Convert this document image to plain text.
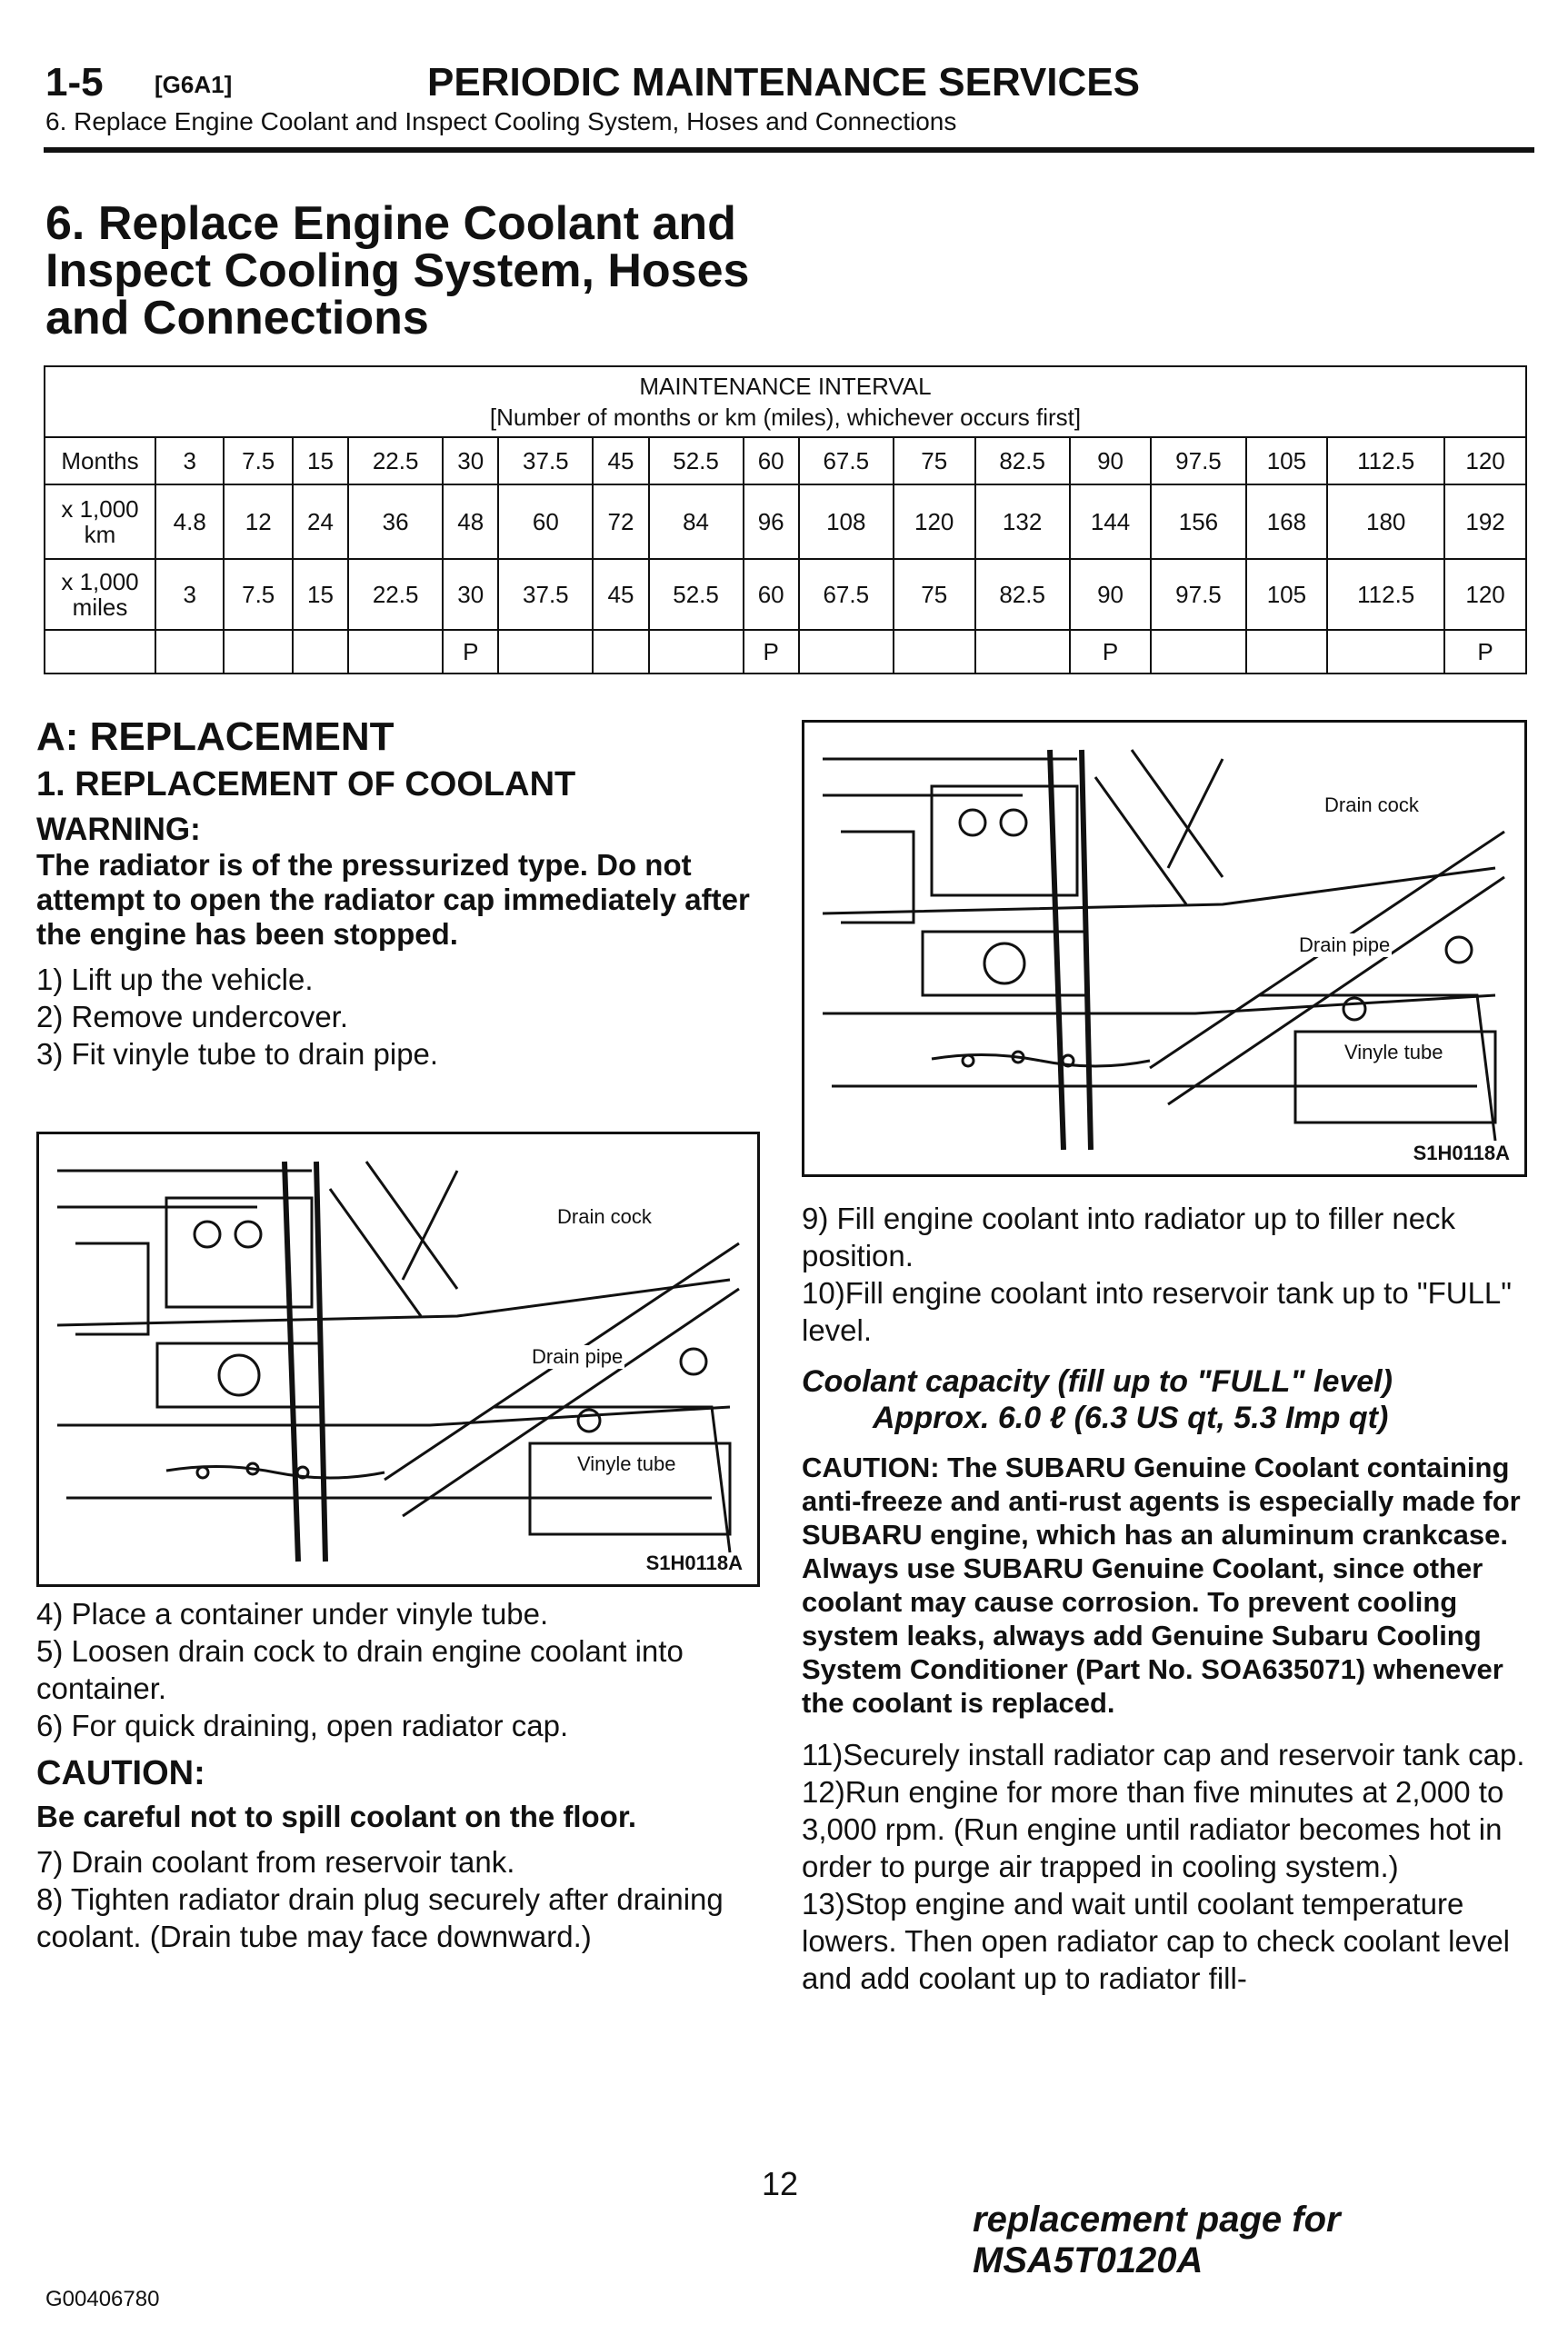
1-5 [G6A1]	PERIODIC MAINTENANCE SERVICES
6. Replace Engine Coolant and Inspect Cooling System, Hoses and Connections
6. Replace Engine Coolant and Inspect Cooling System, Hoses and Connections
MAINTENANCE INTERVAL
[Number of months or km (miles), whichever occurs first]																	

Months	3	7.5	15	22.5	30	37.5	45	52.5	60	67.5	75	82.5	90	97.5	105	112.5	120
x 1,000 km	4.8	12	24	36	48	60	72	84	96	108	120	132	144	156	168	180	192
x 1,000 miles	3	7.5	15	22.5	30	37.5	45	52.5	60	67.5	75	82.5	90	97.5	105	112.5	120
					P				P				P				P
A: REPLACEMENT
1. REPLACEMENT OF COOLANT
WARNING:
The radiator is of the pressurized type. Do not attempt to open the radiator cap immediately after the engine has been stopped.
1) Lift up the vehicle.
2) Remove undercover.
3) Fit vinyle tube to drain pipe.
Drain cock
Drain pipe
Vinyle tube
S1H0118A
4) Place a container under vinyle tube.
5) Loosen drain cock to drain engine coolant into container.
6) For quick draining, open radiator cap.
CAUTION:
Be careful not to spill coolant on the floor.
7) Drain coolant from reservoir tank.
8) Tighten radiator drain plug securely after draining coolant. (Drain tube may face downward.)
Drain cock
Drain pipe
Vinyle tube
S1H0118A
9) Fill engine coolant into radiator up to filler neck position.
10)Fill engine coolant into reservoir tank up to "FULL" level.
Coolant capacity (fill up to "FULL" level)
Approx. 6.0 ℓ (6.3 US qt, 5.3 Imp qt)
CAUTION: The SUBARU Genuine Coolant containing anti-freeze and anti-rust agents is especially made for SUBARU engine, which has an aluminum crankcase. Always use SUBARU Genuine Coolant, since other coolant may cause corrosion. To prevent cooling system leaks, always add Genuine Subaru Cooling System Conditioner (Part No. SOA635071) whenever the coolant is replaced.
11)Securely install radiator cap and reservoir tank cap.
12)Run engine for more than five minutes at 2,000 to 3,000 rpm. (Run engine until radiator becomes hot in order to purge air trapped in cooling system.)
13)Stop engine and wait until coolant temperature lowers. Then open radiator cap to check coolant level and add coolant up to radiator fill-
12
replacement page for MSA5T0120A
G00406780
